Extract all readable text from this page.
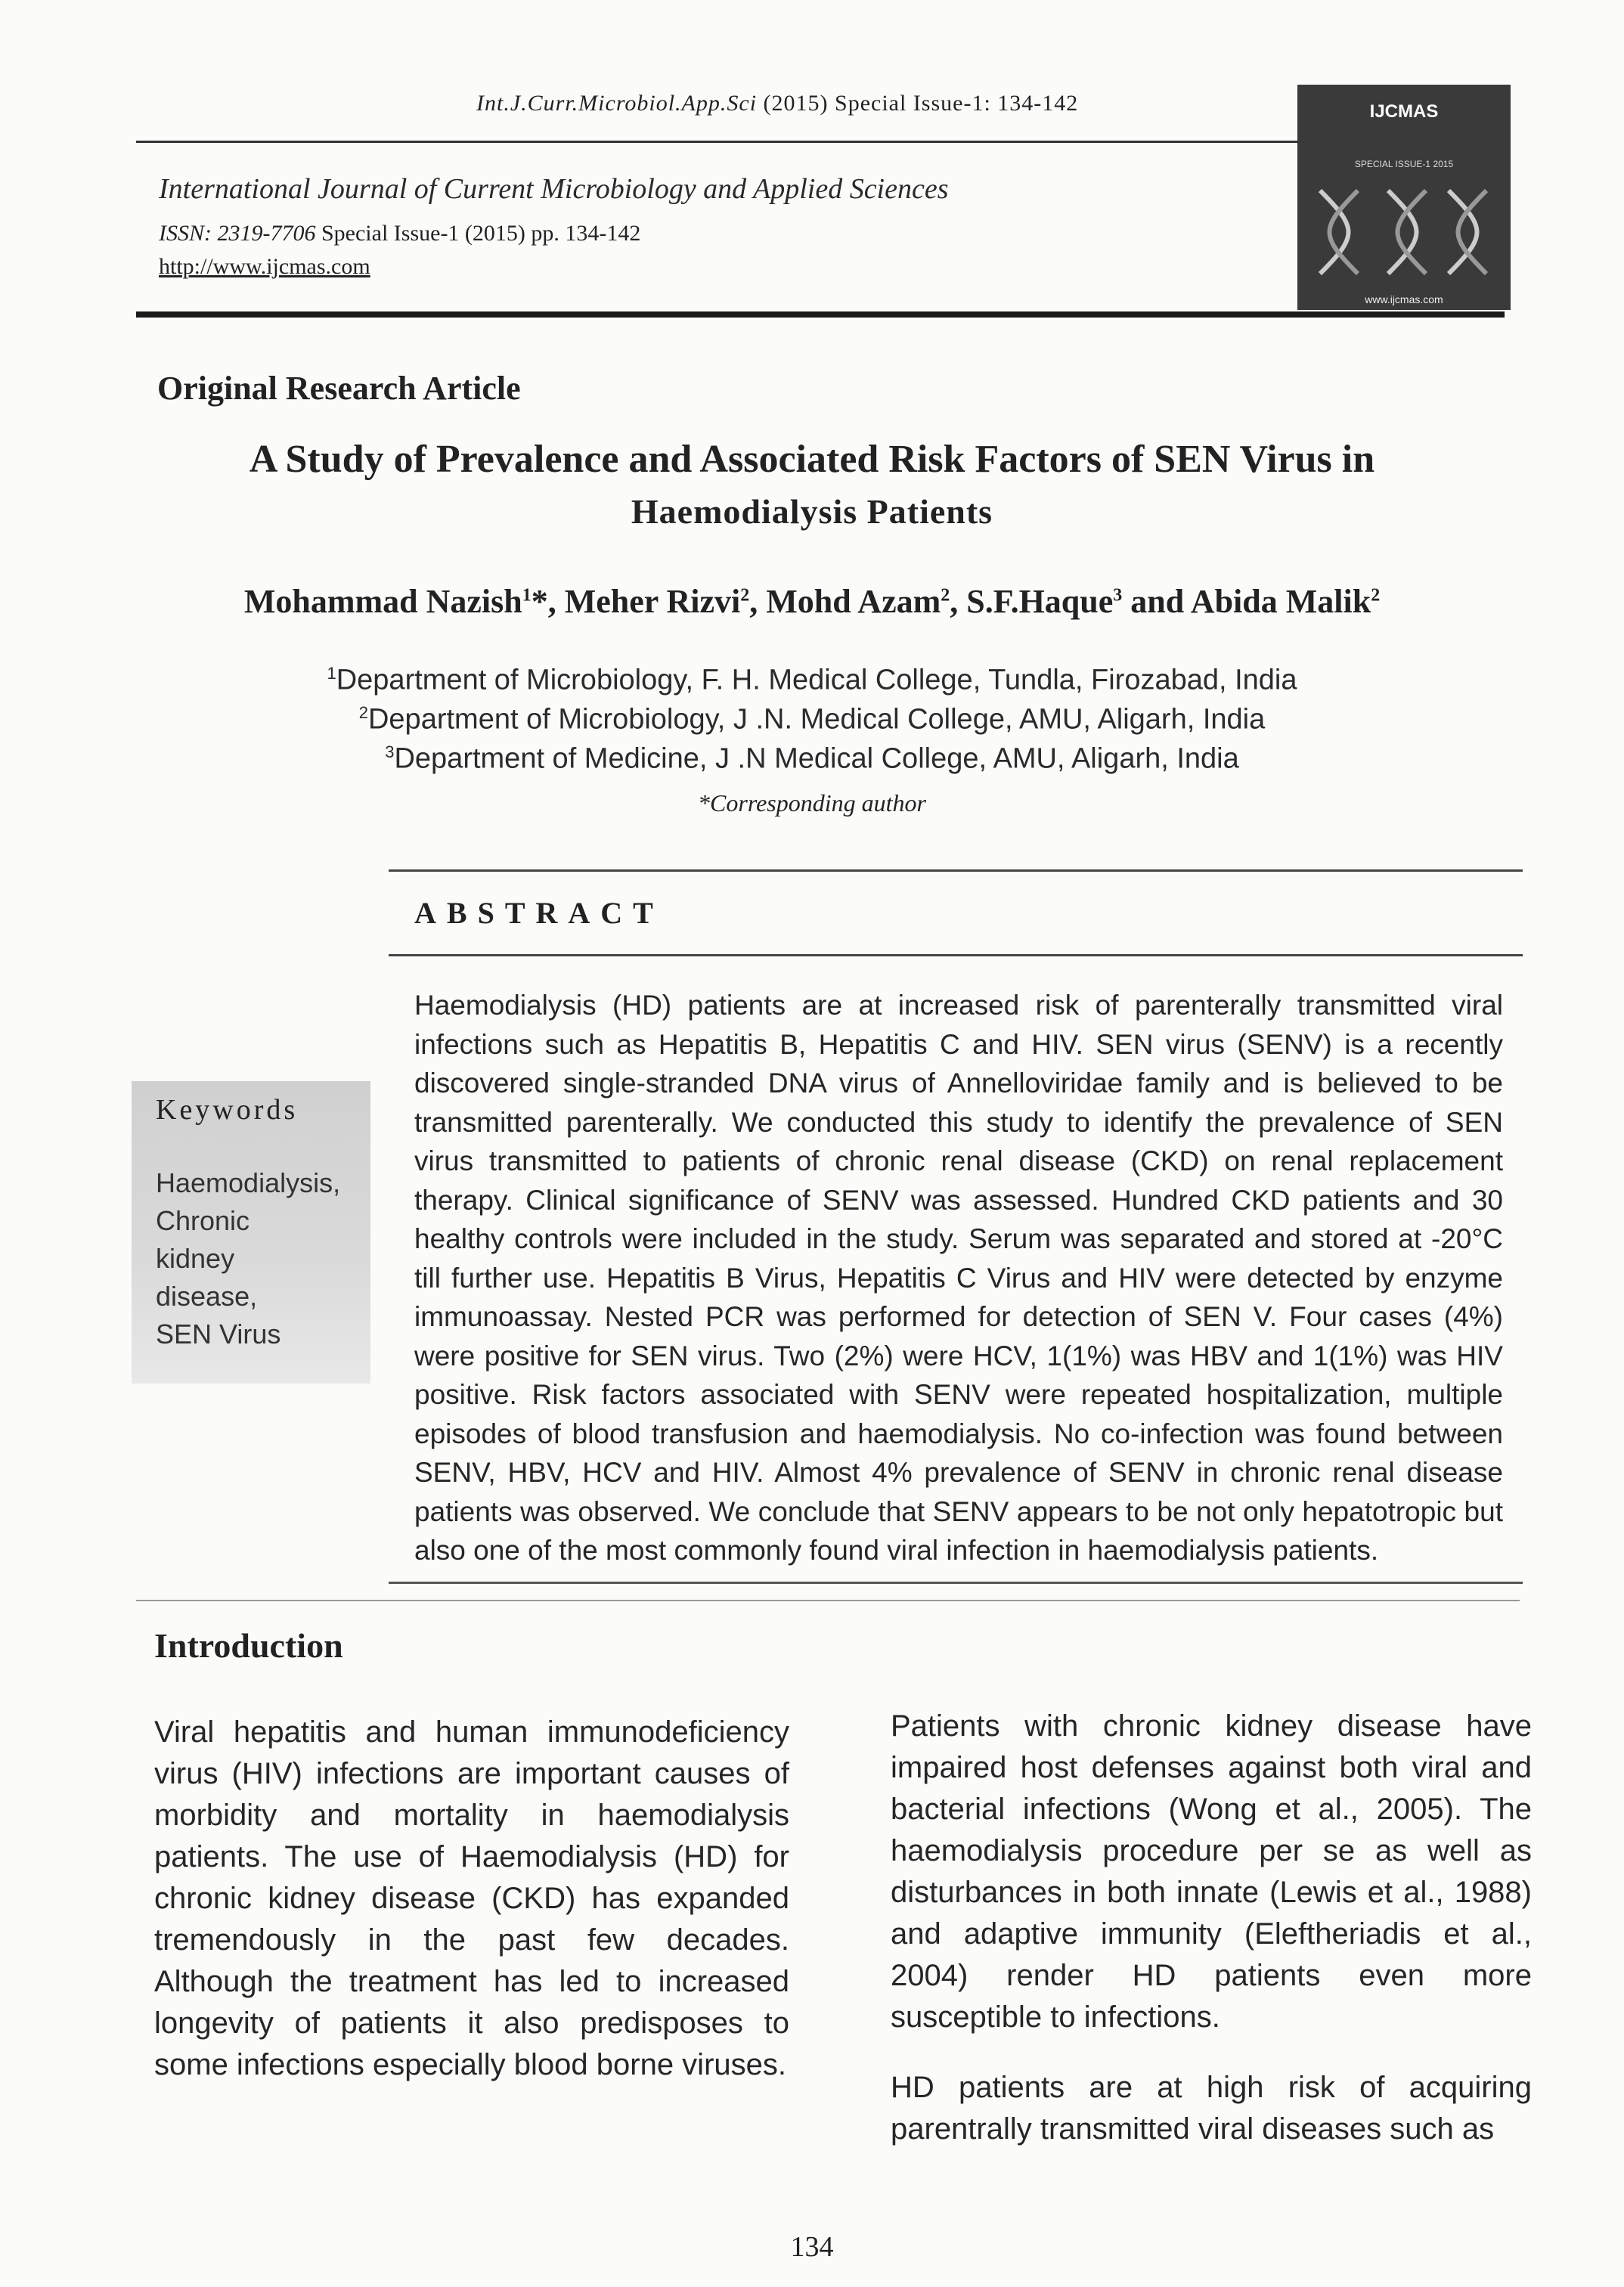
Int.J.Curr.Microbiol.App.Sci (2015) Special Issue-1: 134-142
International Journal of Current Microbiology and Applied Sciences
ISSN: 2319-7706 Special Issue-1 (2015) pp. 134-142
http://www.ijcmas.com
IJCMAS
SPECIAL ISSUE-1 2015
www.ijcmas.com
Original Research Article
A Study of Prevalence and Associated Risk Factors of SEN Virus in
Haemodialysis Patients
Mohammad Nazish$^1$*, Meher Rizvi$^2$, Mohd Azam$^2$, S.F.Haque$^3$ and Abida Malik$^2$
$^1$Department of Microbiology, F. H. Medical College, Tundla, Firozabad, India
$^2$Department of Microbiology, J .N. Medical College, AMU, Aligarh, India
$^3$Department of Medicine, J .N Medical College, AMU, Aligarh, India
*Corresponding author
ABSTRACT
Keywords
Haemodialysis,
Chronic
kidney
disease,
SEN Virus
Haemodialysis (HD) patients are at increased risk of parenterally transmitted viral infections such as Hepatitis B, Hepatitis C and HIV. SEN virus (SENV) is a recently discovered single-stranded DNA virus of Annelloviridae family and is believed to be transmitted parenterally. We conducted this study to identify the prevalence of SEN virus transmitted to patients of chronic renal disease (CKD) on renal replacement therapy. Clinical significance of SENV was assessed. Hundred CKD patients and 30 healthy controls were included in the study. Serum was separated and stored at -20°C till further use. Hepatitis B Virus, Hepatitis C Virus and HIV were detected by enzyme immunoassay. Nested PCR was performed for detection of SEN V. Four cases (4%) were positive for SEN virus. Two (2%) were HCV, 1(1%) was HBV and 1(1%) was HIV positive. Risk factors associated with SENV were repeated hospitalization, multiple episodes of blood transfusion and haemodialysis. No co-infection was found between SENV, HBV, HCV and HIV. Almost 4% prevalence of SENV in chronic renal disease patients was observed. We conclude that SENV appears to be not only hepatotropic but also one of the most commonly found viral infection in haemodialysis patients.
Introduction
Viral hepatitis and human immunodeficiency virus (HIV) infections are important causes of morbidity and mortality in haemodialysis patients. The use of Haemodialysis (HD) for chronic kidney disease (CKD) has expanded tremendously in the past few decades. Although the treatment has led to increased longevity of patients it also predisposes to some infections especially blood borne viruses.
Patients with chronic kidney disease have impaired host defenses against both viral and bacterial infections (Wong et al., 2005). The haemodialysis procedure per se as well as disturbances in both innate (Lewis et al., 1988) and adaptive immunity (Eleftheriadis et al., 2004) render HD patients even more susceptible to infections.
HD patients are at high risk of acquiring parentrally transmitted viral diseases such as
134
